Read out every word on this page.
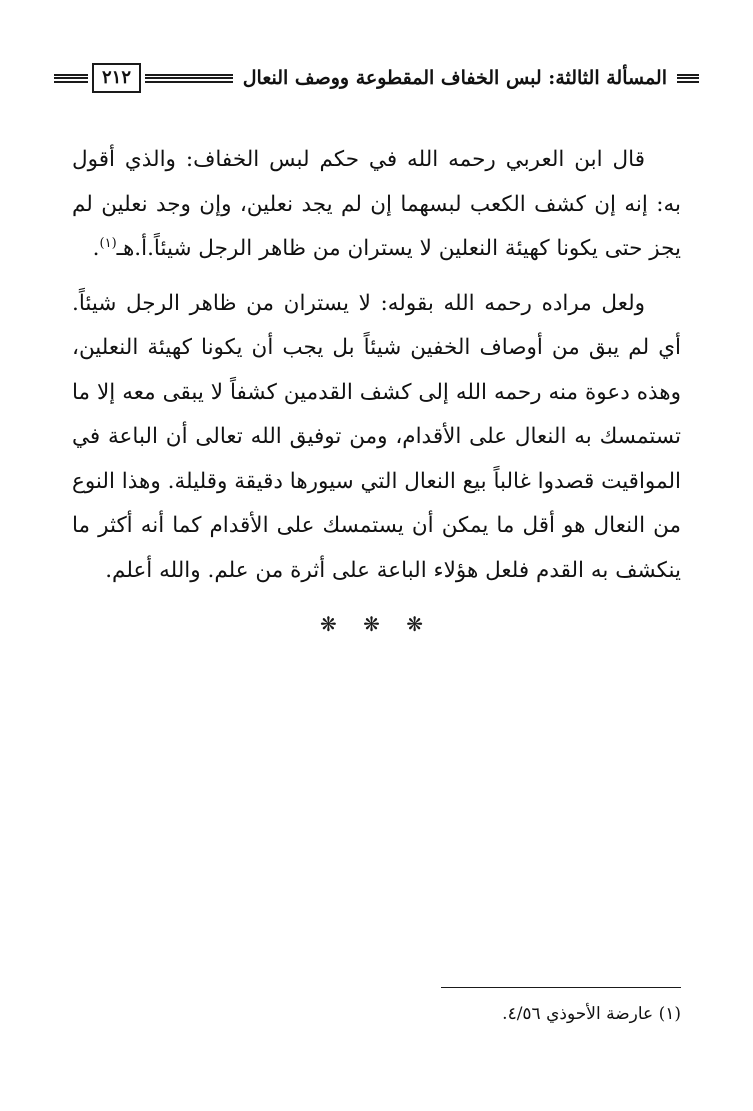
المسألة الثالثة: لبس الخفاف المقطوعة ووصف النعال
٢١٢

قال ابن العربي رحمه الله في حكم لبس الخفاف: والذي أقول به: إنه إن كشف الكعب لبسهما إن لم يجد نعلين، وإن وجد نعلين لم يجز حتى يكونا كهيئة النعلين لا يستران من ظاهر الرجل شيئاً.أ.هـ$^{(١)}$.

ولعل مراده رحمه الله بقوله: لا يستران من ظاهر الرجل شيئاً. أي لم يبق من أوصاف الخفين شيئاً بل يجب أن يكونا كهيئة النعلين، وهذه دعوة منه رحمه الله إلى كشف القدمين كشفاً لا يبقى معه إلا ما تستمسك به النعال على الأقدام، ومن توفيق الله تعالى أن الباعة في المواقيت قصدوا غالباً بيع النعال التي سيورها دقيقة وقليلة. وهذا النوع من النعال هو أقل ما يمكن أن يستمسك على الأقدام كما أنه أكثر ما ينكشف به القدم فلعل هؤلاء الباعة على أثرة من علم. والله أعلم.

❋ ❋ ❋
(١) عارضة الأحوذي ٤/٥٦.
